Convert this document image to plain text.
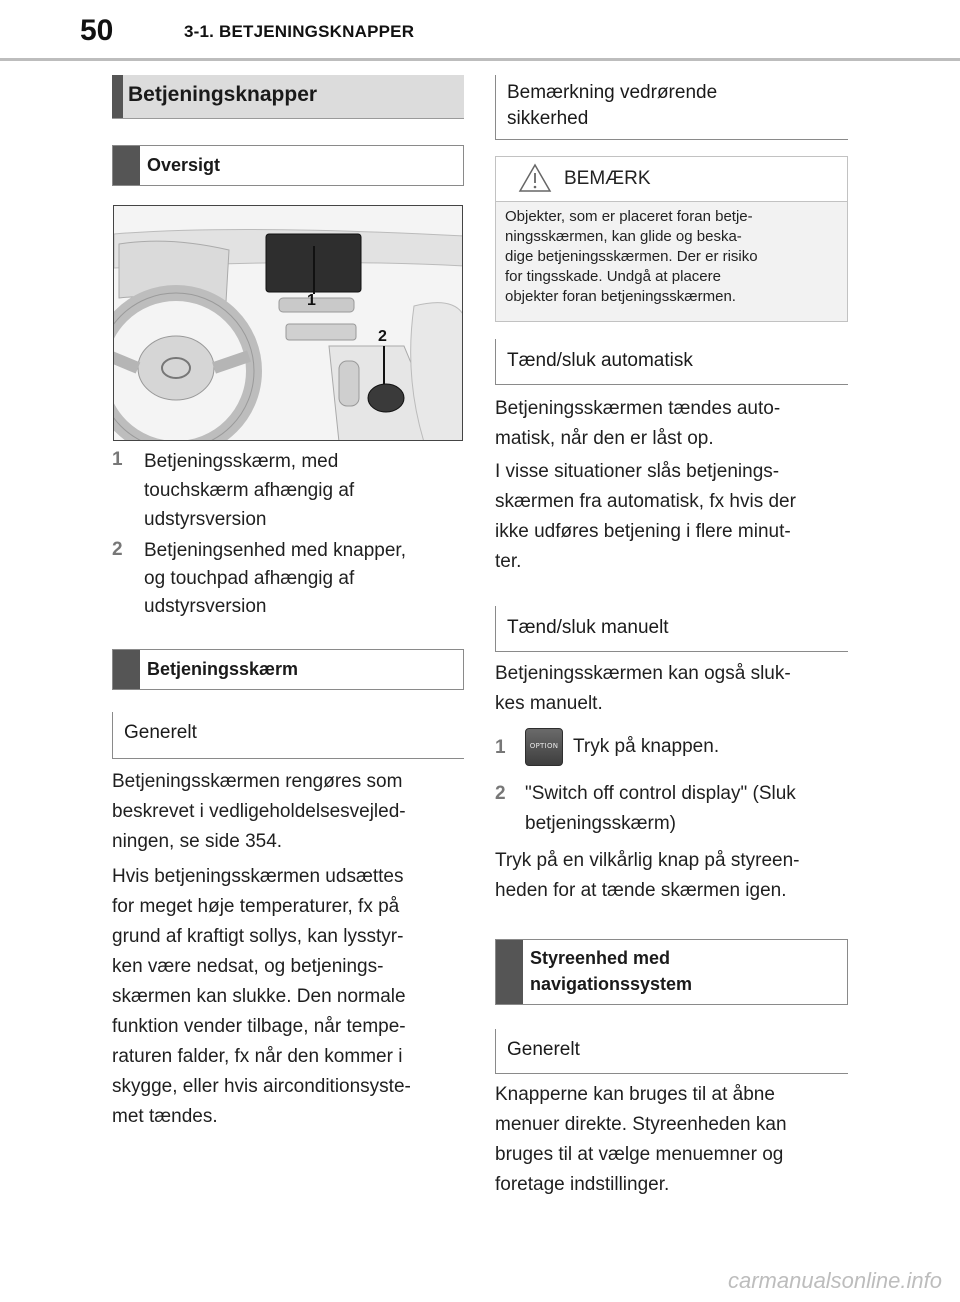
50	3-1. BETJENINGSKNAPPER
Betjeningsknapper
Oversigt
1
2
1 Betjeningsskærm, med
touchskærm afhængig af
udstyrsversion
2 Betjeningsenhed med knapper,
og touchpad afhængig af
udstyrsversion
Betjeningsskærm
Generelt
Betjeningsskærmen rengøres som
beskrevet i vedligeholdelsesvejled-
ningen, se side 354.
Hvis betjeningsskærmen udsættes
for meget høje temperaturer, fx på
grund af kraftigt sollys, kan lysstyr-
ken være nedsat, og betjenings-
skærmen kan slukke. Den normale
funktion vender tilbage, når tempe-
raturen falder, fx når den kommer i
skygge, eller hvis airconditionsyste-
met tændes.
Bemærkning vedrørende
sikkerhed
BEMÆRK
Objekter, som er placeret foran betje-
ningsskærmen, kan glide og beska-
dige betjeningsskærmen. Der er risiko
for tingsskade. Undgå at placere
objekter foran betjeningsskærmen.
Tænd/sluk automatisk
Betjeningsskærmen tændes auto-
matisk, når den er låst op.
I visse situationer slås betjenings-
skærmen fra automatisk, fx hvis der
ikke udføres betjening i flere minut-
ter.
Tænd/sluk manuelt
Betjeningsskærmen kan også sluk-
kes manuelt.
1	OPTION Tryk på knappen.
2 "Switch off control display" (Sluk
betjeningsskærm)
Tryk på en vilkårlig knap på styreen-
heden for at tænde skærmen igen.
Styreenhed med
navigationssystem
Generelt
Knapperne kan bruges til at åbne
menuer direkte. Styreenheden kan
bruges til at vælge menuemner og
foretage indstillinger.
carmanualsonline.info
